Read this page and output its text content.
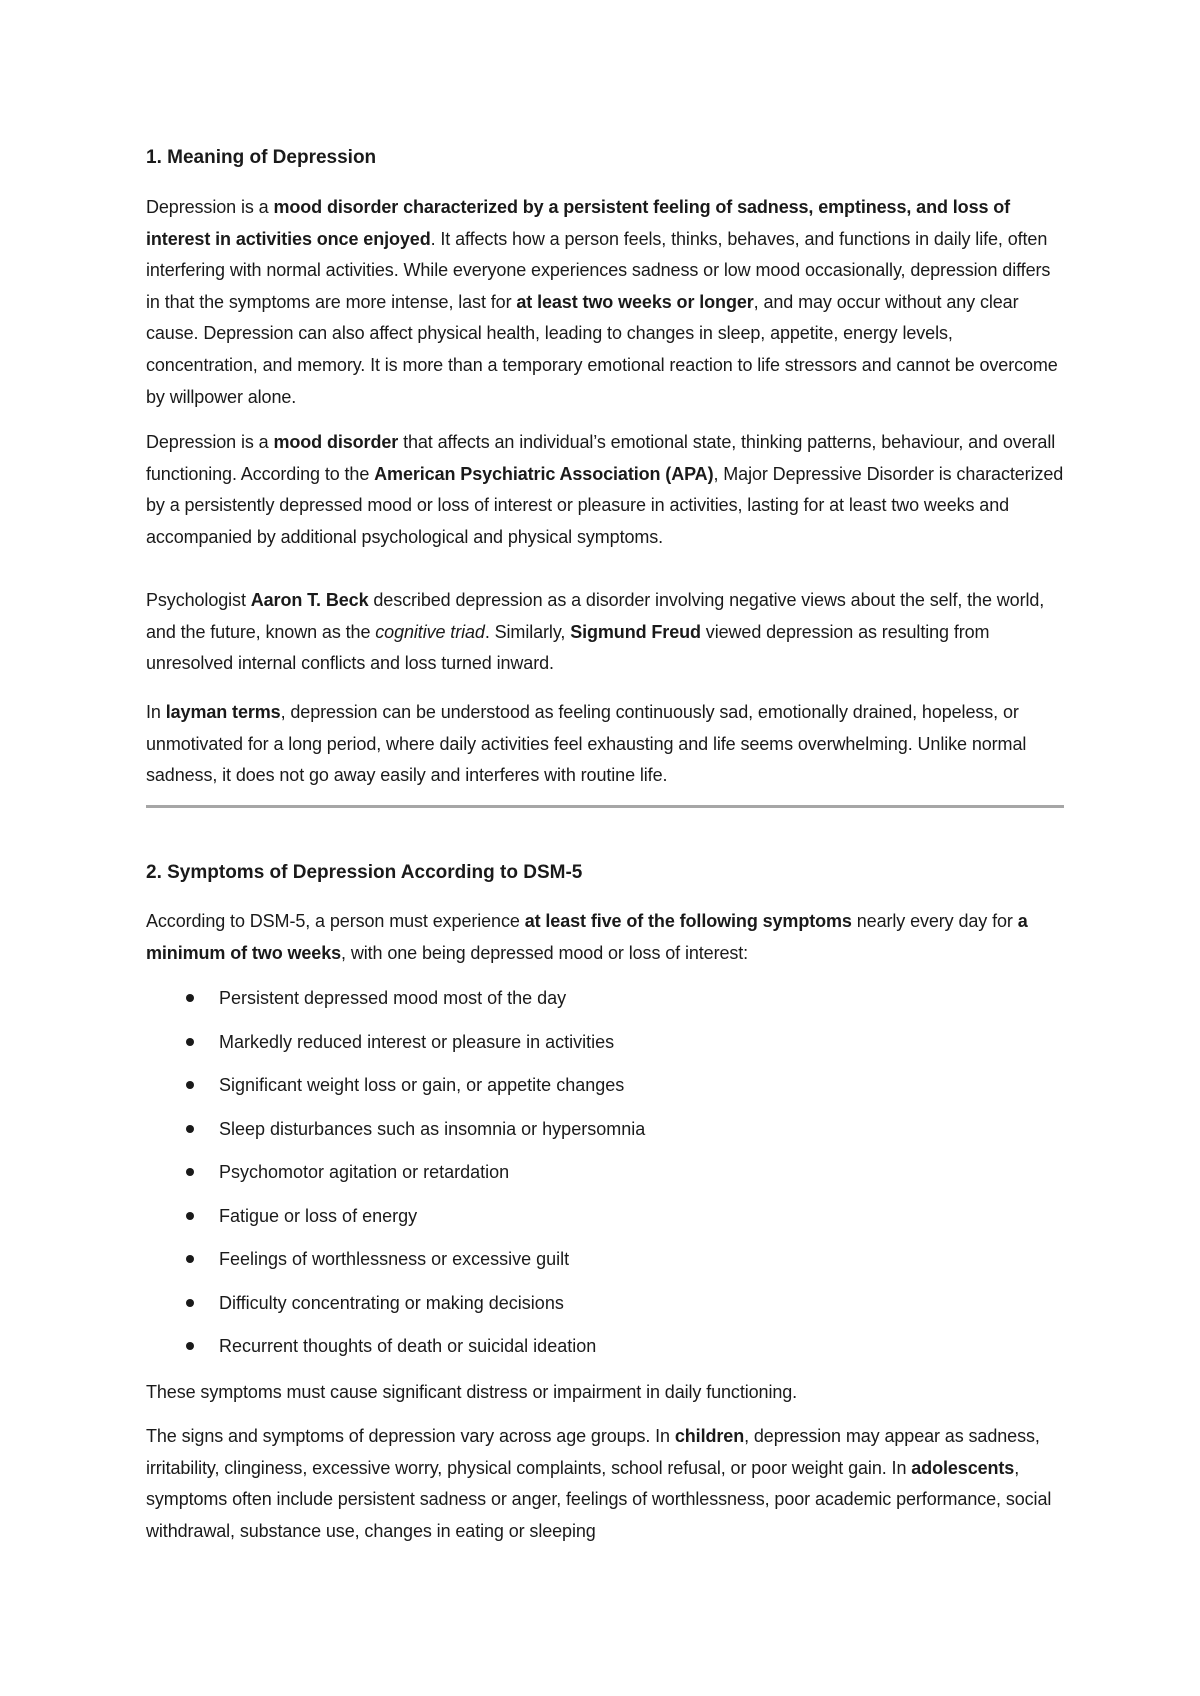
1. Meaning of Depression

Depression is a mood disorder characterized by a persistent feeling of sadness, emptiness, and loss of interest in activities once enjoyed. It affects how a person feels, thinks, behaves, and functions in daily life, often interfering with normal activities. While everyone experiences sadness or low mood occasionally, depression differs in that the symptoms are more intense, last for at least two weeks or longer, and may occur without any clear cause. Depression can also affect physical health, leading to changes in sleep, appetite, energy levels, concentration, and memory. It is more than a temporary emotional reaction to life stressors and cannot be overcome by willpower alone.

Depression is a mood disorder that affects an individual’s emotional state, thinking patterns, behaviour, and overall functioning. According to the American Psychiatric Association (APA), Major Depressive Disorder is characterized by a persistently depressed mood or loss of interest or pleasure in activities, lasting for at least two weeks and accompanied by additional psychological and physical symptoms.

Psychologist Aaron T. Beck described depression as a disorder involving negative views about the self, the world, and the future, known as the cognitive triad. Similarly, Sigmund Freud viewed depression as resulting from unresolved internal conflicts and loss turned inward.

In layman terms, depression can be understood as feeling continuously sad, emotionally drained, hopeless, or unmotivated for a long period, where daily activities feel exhausting and life seems overwhelming. Unlike normal sadness, it does not go away easily and interferes with routine life.

2. Symptoms of Depression According to DSM-5

According to DSM-5, a person must experience at least five of the following symptoms nearly every day for a minimum of two weeks, with one being depressed mood or loss of interest:

Persistent depressed mood most of the day
Markedly reduced interest or pleasure in activities
Significant weight loss or gain, or appetite changes
Sleep disturbances such as insomnia or hypersomnia
Psychomotor agitation or retardation
Fatigue or loss of energy
Feelings of worthlessness or excessive guilt
Difficulty concentrating or making decisions
Recurrent thoughts of death or suicidal ideation

These symptoms must cause significant distress or impairment in daily functioning.

The signs and symptoms of depression vary across age groups. In children, depression may appear as sadness, irritability, clinginess, excessive worry, physical complaints, school refusal, or poor weight gain. In adolescents, symptoms often include persistent sadness or anger, feelings of worthlessness, poor academic performance, social withdrawal, substance use, changes in eating or sleeping
